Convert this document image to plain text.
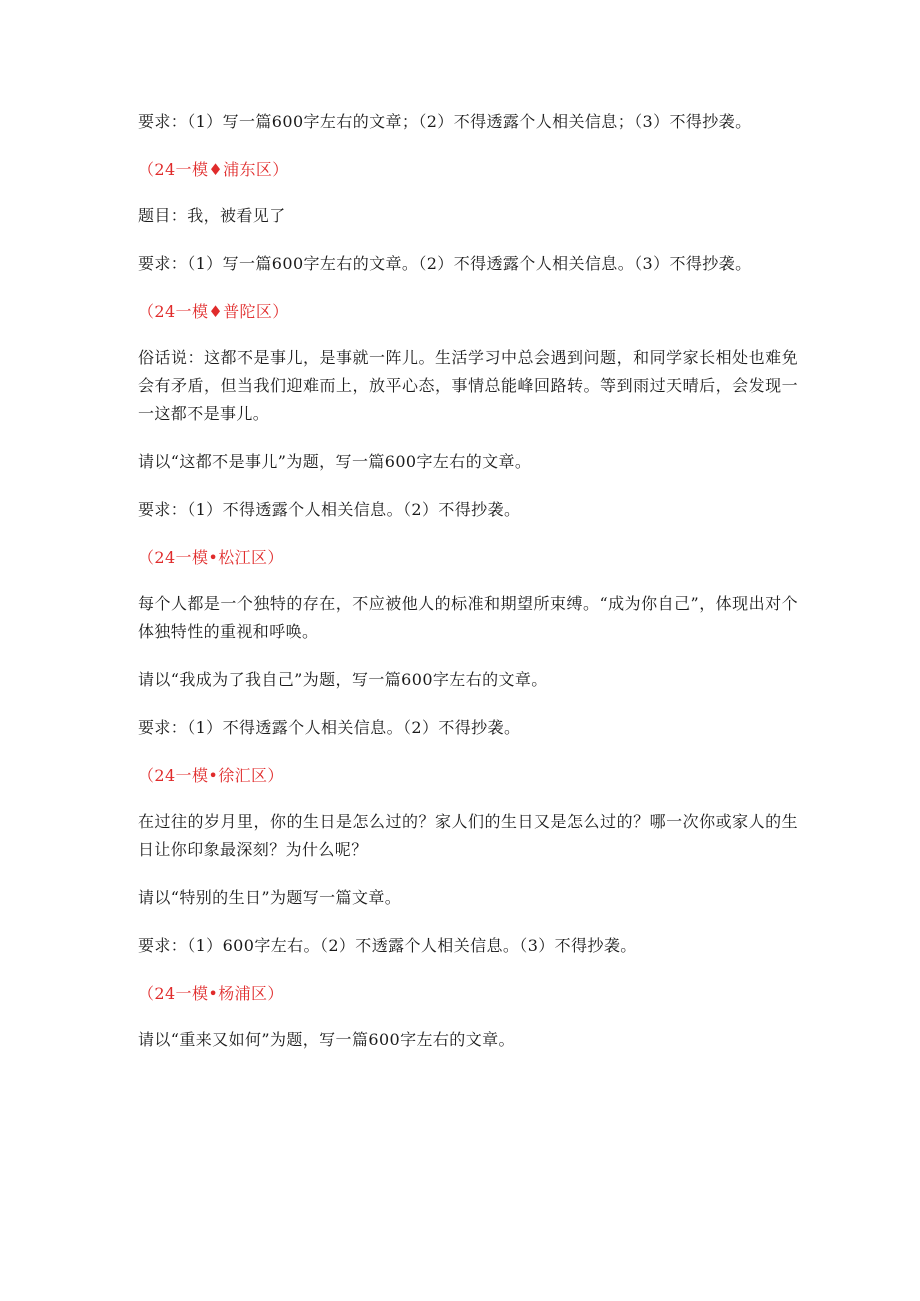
要求：（1）写一篇600字左右的文章；（2）不得透露个人相关信息；（3）不得抄袭。

（24一模♦浦东区）

题目：我，被看见了

要求：（1）写一篇600字左右的文章。（2）不得透露个人相关信息。（3）不得抄袭。

（24一模♦普陀区）

俗话说：这都不是事儿，是事就一阵儿。生活学习中总会遇到问题，和同学家长相处也难免会有矛盾，但当我们迎难而上，放平心态，事情总能峰回路转。等到雨过天晴后，会发现一一这都不是事儿。

请以“这都不是事儿”为题，写一篇600字左右的文章。

要求：（1）不得透露个人相关信息。（2）不得抄袭。

（24一模•松江区）

每个人都是一个独特的存在，不应被他人的标准和期望所束缚。“成为你自己”，体现出对个体独特性的重视和呼唤。

请以“我成为了我自己”为题，写一篇600字左右的文章。

要求：（1）不得透露个人相关信息。（2）不得抄袭。

（24一模•徐汇区）

在过往的岁月里，你的生日是怎么过的？家人们的生日又是怎么过的？哪一次你或家人的生日让你印象最深刻？为什么呢？

请以“特别的生日”为题写一篇文章。

要求：（1）600字左右。（2）不透露个人相关信息。（3）不得抄袭。

（24一模•杨浦区）

请以“重来又如何”为题，写一篇600字左右的文章。
